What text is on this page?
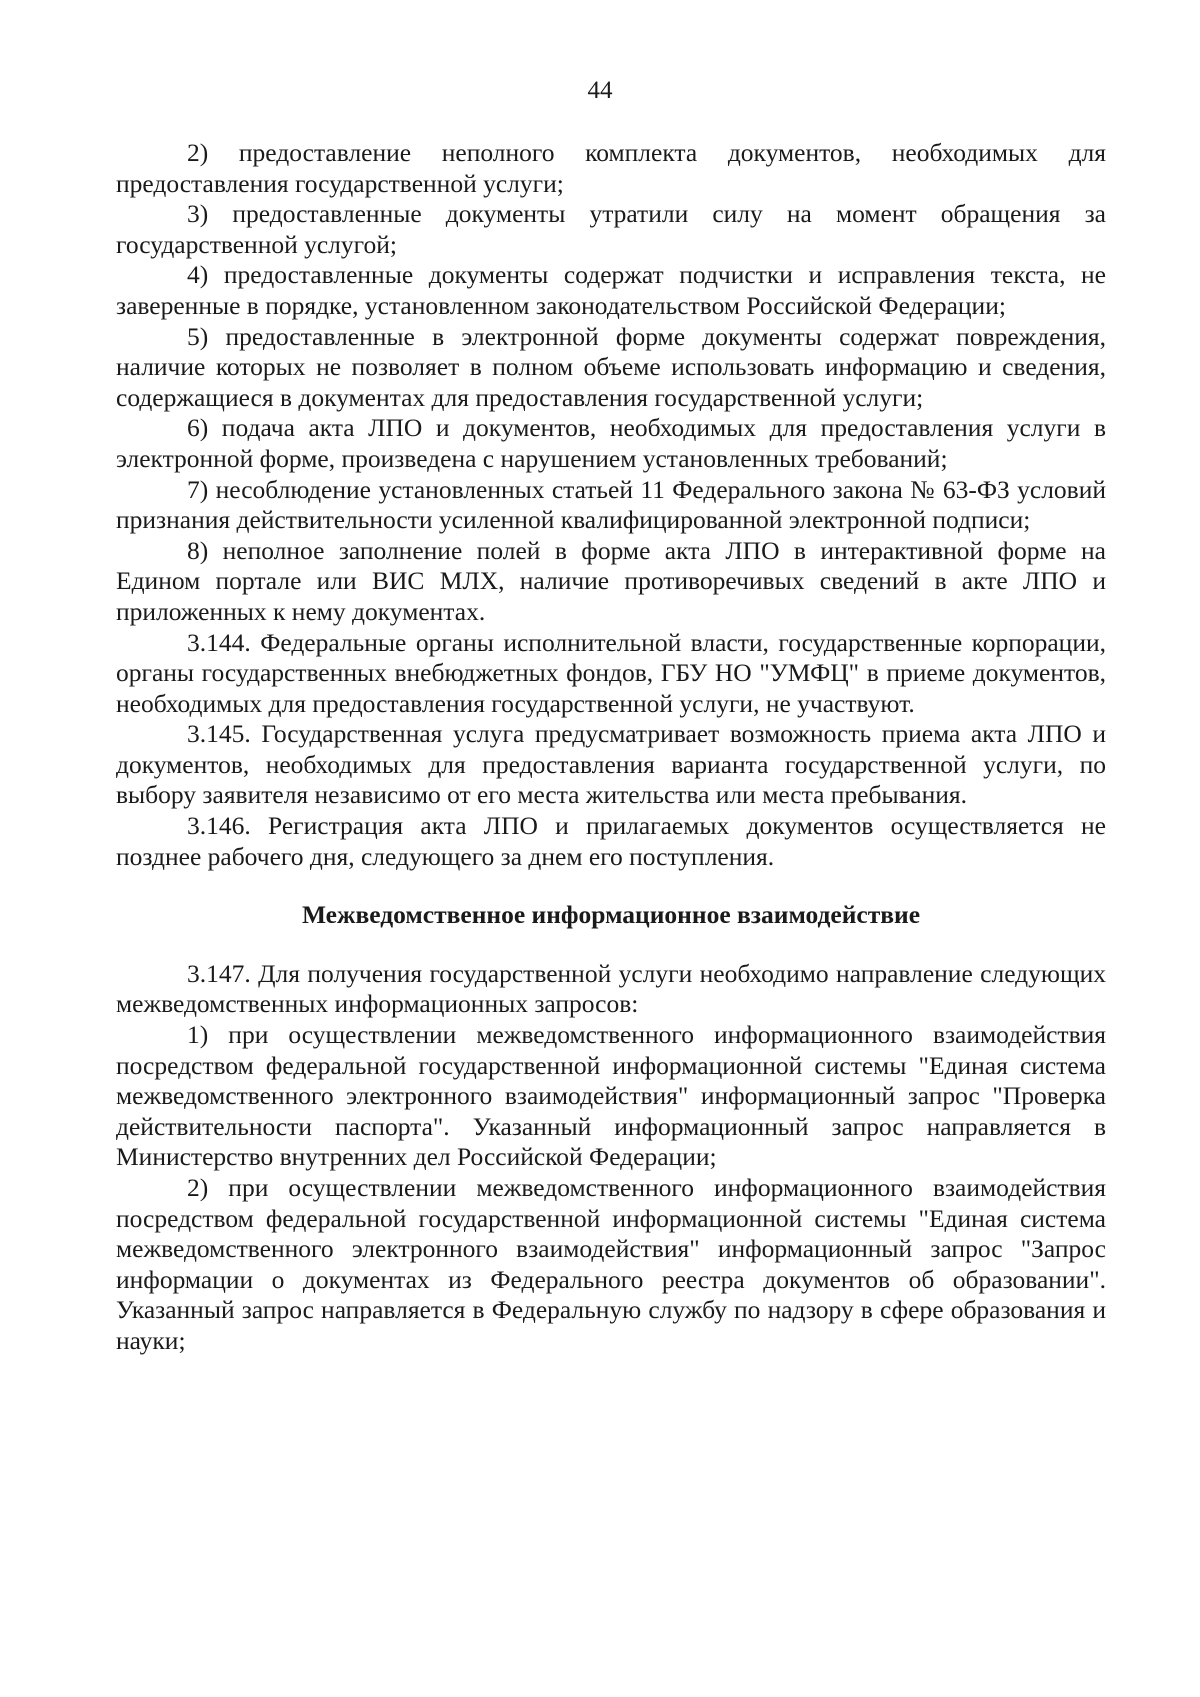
44

2) предоставление неполного комплекта документов, необходимых для предоставления государственной услуги;

3) предоставленные документы утратили силу на момент обращения за государственной услугой;

4) предоставленные документы содержат подчистки и исправления текста, не заверенные в порядке, установленном законодательством Российской Федерации;

5) предоставленные в электронной форме документы содержат повреждения, наличие которых не позволяет в полном объеме использовать информацию и сведения, содержащиеся в документах для предоставления государственной услуги;

6) подача акта ЛПО и документов, необходимых для предоставления услуги в электронной форме, произведена с нарушением установленных требований;

7) несоблюдение установленных статьей 11 Федерального закона № 63-ФЗ условий признания действительности усиленной квалифицированной электронной подписи;

8) неполное заполнение полей в форме акта ЛПО в интерактивной форме на Едином портале или ВИС МЛХ, наличие противоречивых сведений в акте ЛПО и приложенных к нему документах.

3.144. Федеральные органы исполнительной власти, государственные корпорации, органы государственных внебюджетных фондов, ГБУ НО "УМФЦ" в приеме документов, необходимых для предоставления государственной услуги, не участвуют.

3.145. Государственная услуга предусматривает возможность приема акта ЛПО и документов, необходимых для предоставления варианта государственной услуги, по выбору заявителя независимо от его места жительства или места пребывания.

3.146. Регистрация акта ЛПО и прилагаемых документов осуществляется не позднее рабочего дня, следующего за днем его поступления.

Межведомственное информационное взаимодействие

3.147. Для получения государственной услуги необходимо направление следующих межведомственных информационных запросов:

1) при осуществлении межведомственного информационного взаимодействия посредством федеральной государственной информационной системы "Единая система межведомственного электронного взаимодействия" информационный запрос "Проверка действительности паспорта". Указанный информационный запрос направляется в Министерство внутренних дел Российской Федерации;

2) при осуществлении межведомственного информационного взаимодействия посредством федеральной государственной информационной системы "Единая система межведомственного электронного взаимодействия" информационный запрос "Запрос информации о документах из Федерального реестра документов об образовании". Указанный запрос направляется в Федеральную службу по надзору в сфере образования и науки;
